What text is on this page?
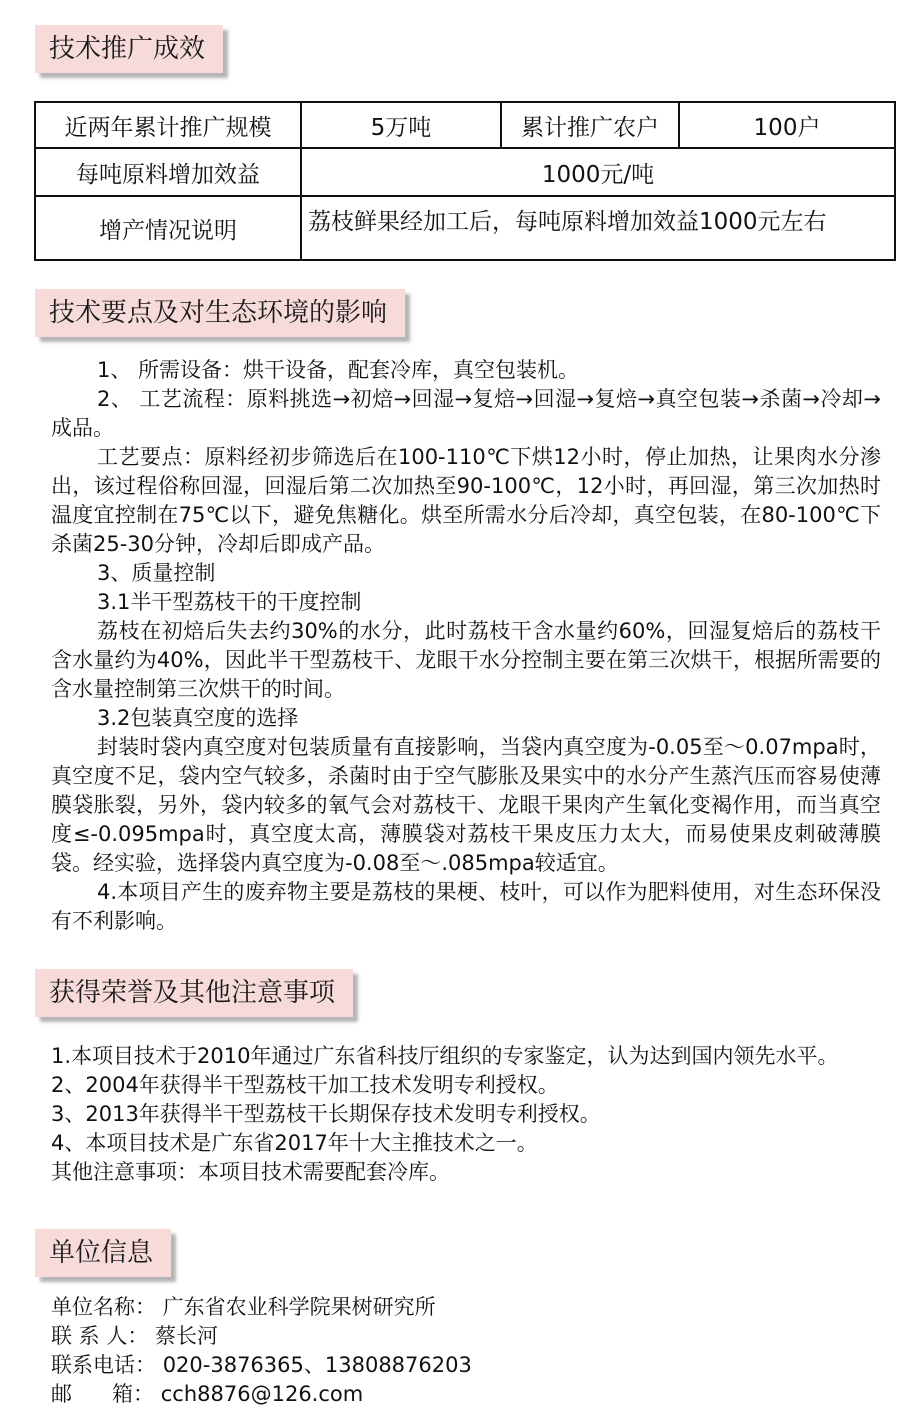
技术推广成效
近两年累计推广规模	5万吨	累计推广农户	100户
每吨原料增加效益	1000元/吨		
增产情况说明	荔枝鲜果经加工后，每吨原料增加效益1000元左右		
技术要点及对生态环境的影响

1、 所需设备：烘干设备，配套冷库，真空包装机。

2、 工艺流程：原料挑选→初焙→回湿→复焙→回湿→复焙→真空包装→杀菌→冷却→成品。

工艺要点：原料经初步筛选后在100-110℃下烘12小时，停止加热，让果肉水分渗出，该过程俗称回湿，回湿后第二次加热至90-100℃，12小时，再回湿，第三次加热时温度宜控制在75℃以下，避免焦糖化。烘至所需水分后冷却，真空包装，在80-100℃下杀菌25-30分钟，冷却后即成产品。

3、质量控制

3.1半干型荔枝干的干度控制

荔枝在初焙后失去约30%的水分，此时荔枝干含水量约60%，回湿复焙后的荔枝干含水量约为40%，因此半干型荔枝干、龙眼干水分控制主要在第三次烘干，根据所需要的含水量控制第三次烘干的时间。

3.2包装真空度的选择

封装时袋内真空度对包装质量有直接影响，当袋内真空度为-0.05至～0.07mpa时，真空度不足，袋内空气较多，杀菌时由于空气膨胀及果实中的水分产生蒸汽压而容易使薄膜袋胀裂，另外，袋内较多的氧气会对荔枝干、龙眼干果肉产生氧化变褐作用，而当真空度≤-0.095mpa时，真空度太高，薄膜袋对荔枝干果皮压力太大，而易使果皮刺破薄膜袋。经实验，选择袋内真空度为-0.08至～.085mpa较适宜。

4.本项目产生的废弃物主要是荔枝的果梗、枝叶，可以作为肥料使用，对生态环保没有不利影响。

获得荣誉及其他注意事项

1.本项目技术于2010年通过广东省科技厅组织的专家鉴定，认为达到国内领先水平。

2、2004年获得半干型荔枝干加工技术发明专利授权。

3、2013年获得半干型荔枝干长期保存技术发明专利授权。

4、本项目技术是广东省2017年十大主推技术之一。

其他注意事项：本项目技术需要配套冷库。

单位信息

单位名称： 广东省农业科学院果树研究所

联 系 人： 蔡长河

联系电话： 020-3876365、13808876203

邮      箱： cch8876@126.com
